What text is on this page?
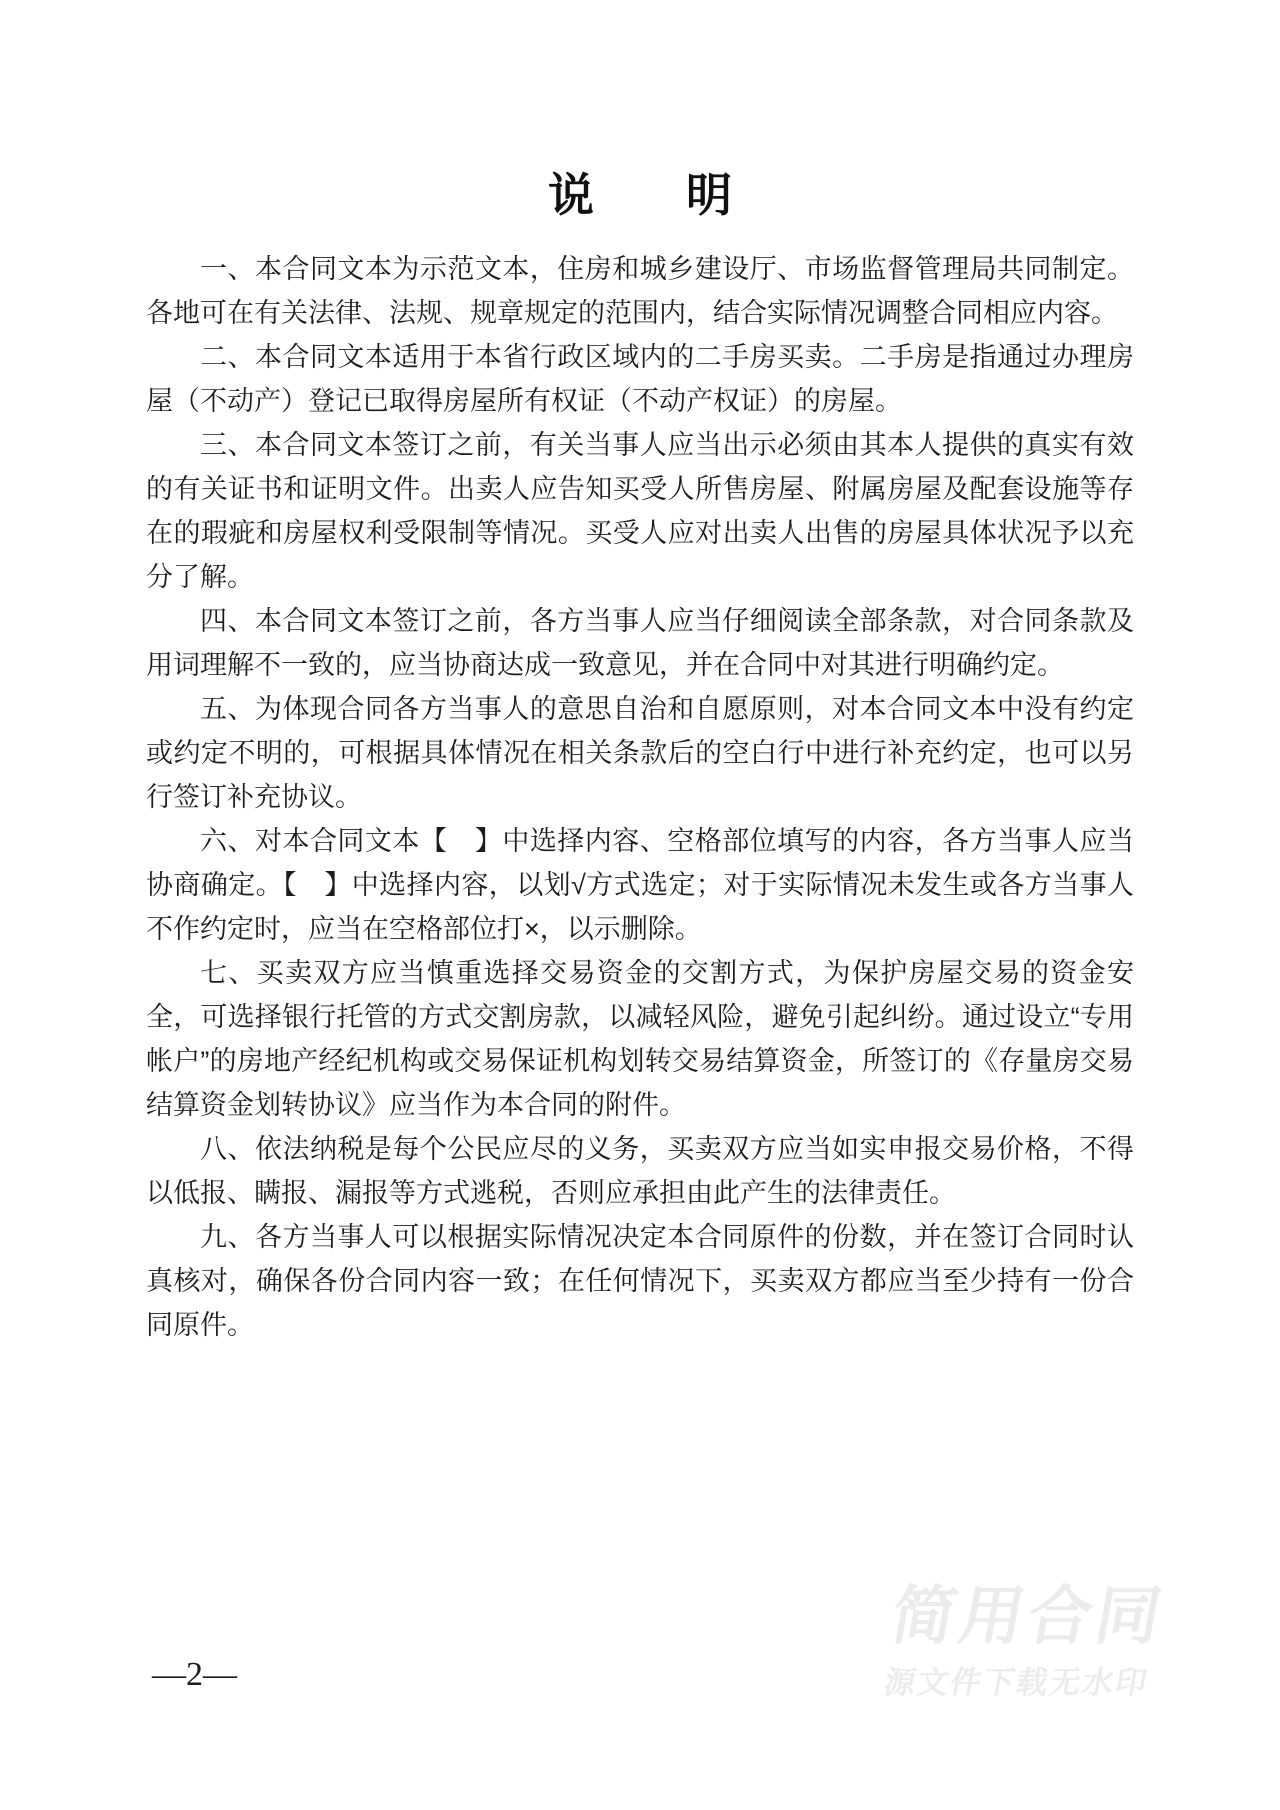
说　　明

一、本合同文本为示范文本，住房和城乡建设厅、市场监督管理局共同制定。各地可在有关法律、法规、规章规定的范围内，结合实际情况调整合同相应内容。

二、本合同文本适用于本省行政区域内的二手房买卖。二手房是指通过办理房屋（不动产）登记已取得房屋所有权证（不动产权证）的房屋。

三、本合同文本签订之前，有关当事人应当出示必须由其本人提供的真实有效的有关证书和证明文件。出卖人应告知买受人所售房屋、附属房屋及配套设施等存在的瑕疵和房屋权利受限制等情况。买受人应对出卖人出售的房屋具体状况予以充分了解。

四、本合同文本签订之前，各方当事人应当仔细阅读全部条款，对合同条款及用词理解不一致的，应当协商达成一致意见，并在合同中对其进行明确约定。

五、为体现合同各方当事人的意思自治和自愿原则，对本合同文本中没有约定或约定不明的，可根据具体情况在相关条款后的空白行中进行补充约定，也可以另行签订补充协议。

六、对本合同文本【　】中选择内容、空格部位填写的内容，各方当事人应当协商确定。【　】中选择内容，以划√方式选定；对于实际情况未发生或各方当事人不作约定时，应当在空格部位打×，以示删除。

七、买卖双方应当慎重选择交易资金的交割方式，为保护房屋交易的资金安全，可选择银行托管的方式交割房款，以减轻风险，避免引起纠纷。通过设立“专用帐户”的房地产经纪机构或交易保证机构划转交易结算资金，所签订的《存量房交易结算资金划转协议》应当作为本合同的附件。

八、依法纳税是每个公民应尽的义务，买卖双方应当如实申报交易价格，不得以低报、瞒报、漏报等方式逃税，否则应承担由此产生的法律责任。

九、各方当事人可以根据实际情况决定本合同原件的份数，并在签订合同时认真核对，确保各份合同内容一致；在任何情况下，买卖双方都应当至少持有一份合同原件。

—2—
简用合同
源文件下载无水印
